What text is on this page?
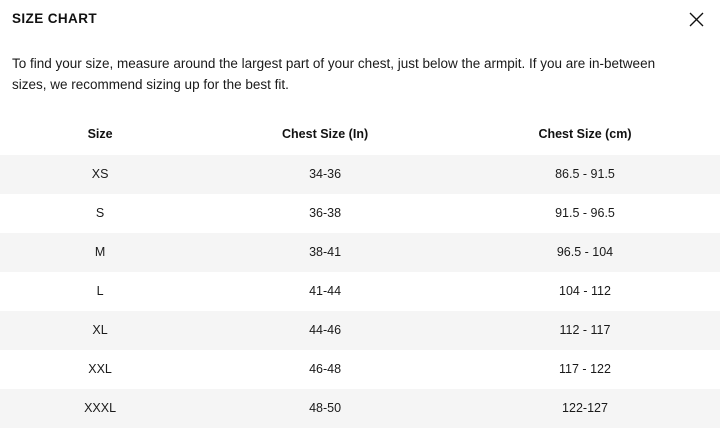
SIZE CHART

To find your size, measure around the largest part of your chest, just below the armpit. If you are in-between sizes, we recommend sizing up for the best fit.

Size	Chest Size (In)	Chest Size (cm)
XS	34-36	86.5 - 91.5
S	36-38	91.5 - 96.5
M	38-41	96.5 - 104
L	41-44	104 - 112
XL	44-46	112 - 117
XXL	46-48	117 - 122
XXXL	48-50	122-127
